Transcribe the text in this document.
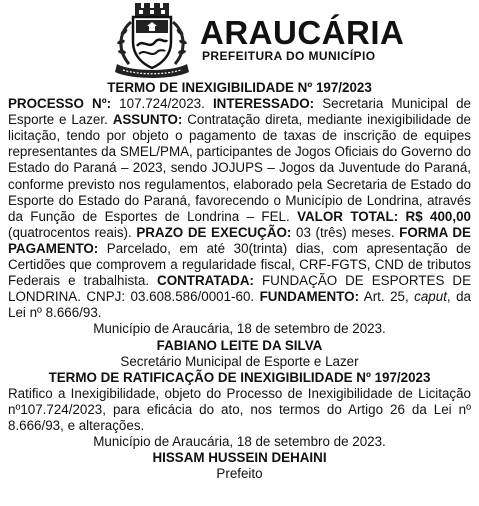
ARAUCÁRIA
PREFEITURA DO MUNICÍPIO

TERMO DE INEXIGIBILIDADE Nº 197/2023

PROCESSO Nº: 107.724/2023. INTERESSADO: Secretaria Municipal de Esporte e Lazer. ASSUNTO: Contratação direta, mediante inexigibilidade de licitação, tendo por objeto o pagamento de taxas de inscrição de equipes representantes da SMEL/PMA, participantes de Jogos Oficiais do Governo do Estado do Paraná – 2023, sendo JOJUPS – Jogos da Juventude do Paraná, conforme previsto nos regulamentos, elaborado pela Secretaria de Estado do Esporte do Estado do Paraná, favorecendo o Município de Londrina, através da Função de Esportes de Londrina – FEL. VALOR TOTAL: R$ 400,00 (quatrocentos reais). PRAZO DE EXECUÇÃO: 03 (três) meses. FORMA DE PAGAMENTO: Parcelado, em até 30(trinta) dias, com apresentação de Certidões que comprovem a regularidade fiscal, CRF-FGTS, CND de tributos Federais e trabalhista. CONTRATADA: FUNDAÇÃO DE ESPORTES DE LONDRINA. CNPJ: 03.608.586/0001-60. FUNDAMENTO: Art. 25, caput, da Lei nº 8.666/93.

Município de Araucária, 18 de setembro de 2023.

FABIANO LEITE DA SILVA

Secretário Municipal de Esporte e Lazer

TERMO DE RATIFICAÇÃO DE INEXIGIBILIDADE Nº 197/2023

Ratifico a Inexigibilidade, objeto do Processo de Inexigibilidade de Licitação nº107.724/2023, para eficácia do ato, nos termos do Artigo 26 da Lei nº 8.666/93, e alterações.

Município de Araucária, 18 de setembro de 2023.

HISSAM HUSSEIN DEHAINI

Prefeito
